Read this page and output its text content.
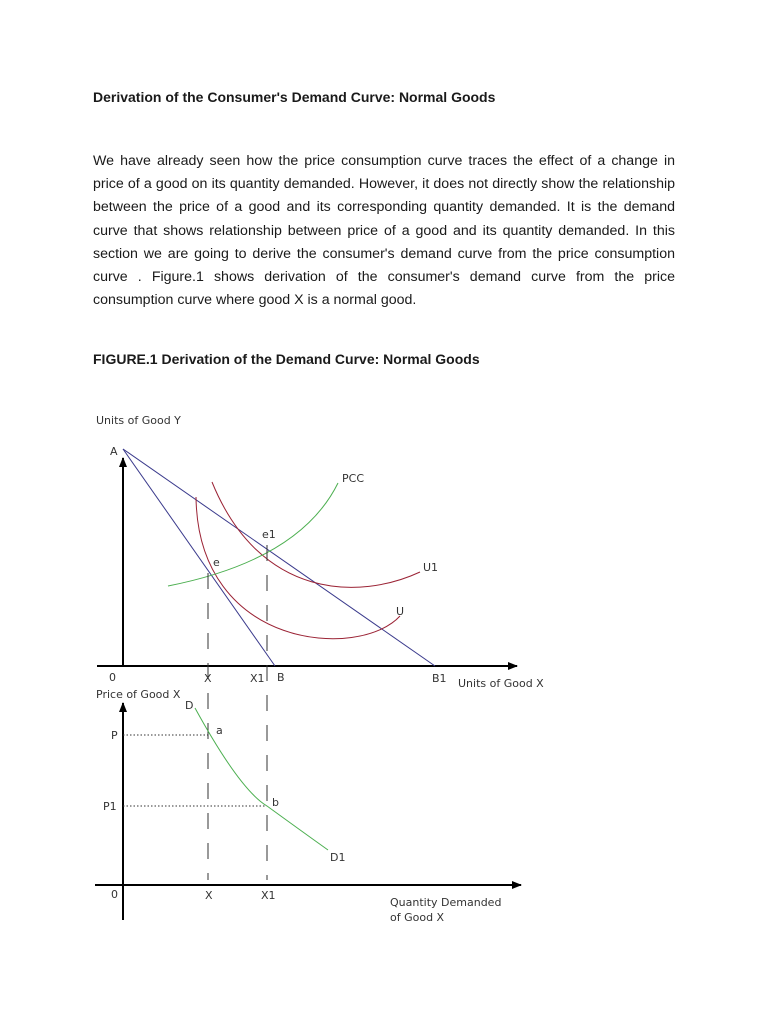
Derivation of the Consumer's Demand Curve: Normal Goods

We have already seen how the price consumption curve traces the effect of a change in price of a good on its quantity demanded. However, it does not directly show the relationship between the price of a good and its corresponding quantity demanded. It is the demand curve that shows relationship between price of a good and its quantity demanded. In this section we are going to derive the consumer's demand curve from the price consumption curve . Figure.1 shows derivation of the consumer's demand curve from the price consumption curve where good X is a normal good.

FIGURE.1 Derivation of the Demand Curve: Normal Goods
Units of Good Y
Units of Good X
0
A
B	B1
e
e1
X	X1
PCC
U
U1
Price of Good X
Quantity Demanded
of Good X
0
P
P1
X	X1
a
b
D
D1
